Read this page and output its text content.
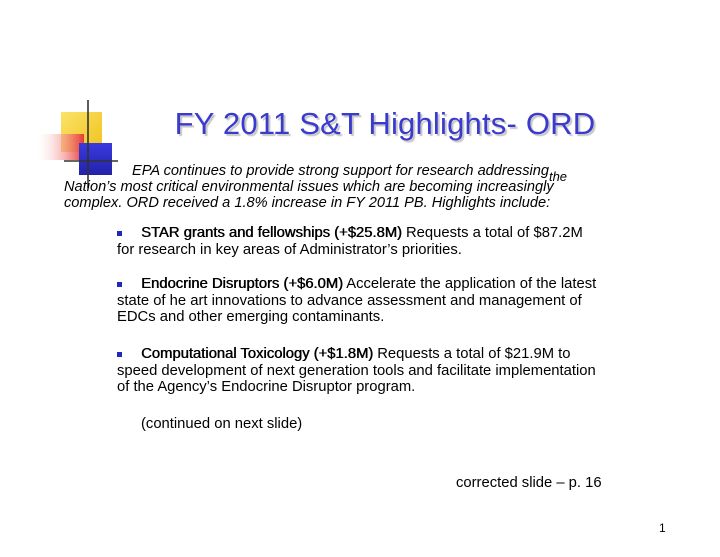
FY 2011 S&T Highlights- ORD
EPA continues to provide strong support for research addressingthe
Nation’s most critical environmental issues which are becoming increasingly
complex. ORD received a 1.8% increase in FY 2011 PB. Highlights include:
STAR grants and fellowships (+$25.8M) Requests a total of $87.2M
for research in key areas of Administrator’s priorities.
Endocrine Disruptors (+$6.0M) Accelerate the application of the latest
state of he art innovations to advance assessment and management of
EDCs and other emerging contaminants.
Computational Toxicology (+$1.8M) Requests a total of $21.9M to
speed development of next generation tools and facilitate implementation
of the Agency’s Endocrine Disruptor program.
(continued on next slide)
corrected slide – p. 16
1
